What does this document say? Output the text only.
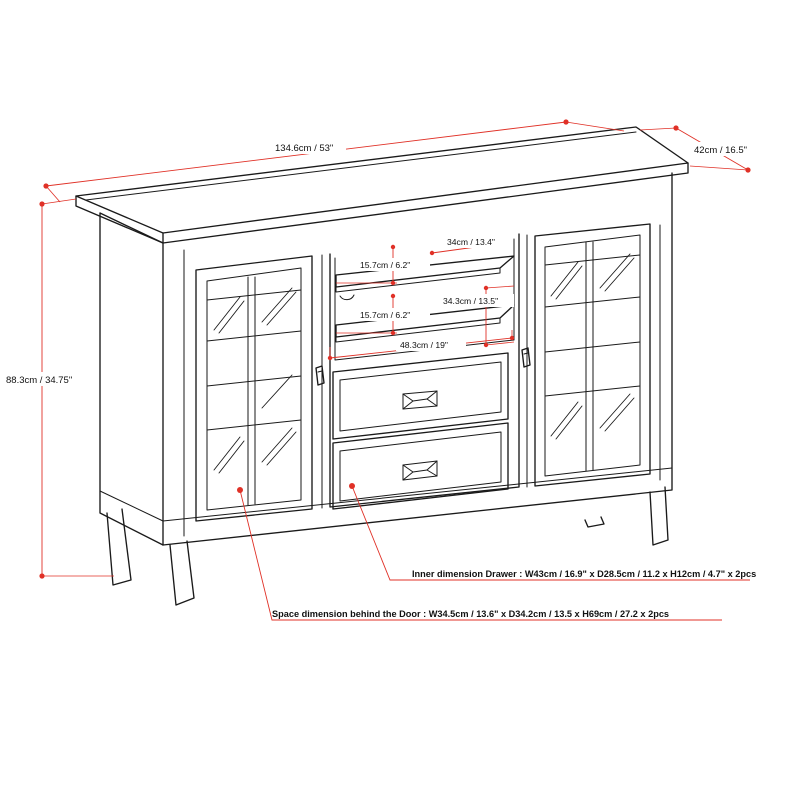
134.6cm / 53"	42cm / 16.5"
88.3cm / 34.75"
34cm / 13.4"
15.7cm / 6.2"
15.7cm / 6.2"
34.3cm / 13.5"
48.3cm / 19"
Inner dimension Drawer : W43cm / 16.9" x D28.5cm / 11.2 x H12cm / 4.7" x 2pcs
Space dimension behind the Door : W34.5cm / 13.6" x D34.2cm / 13.5 x H69cm / 27.2 x 2pcs
